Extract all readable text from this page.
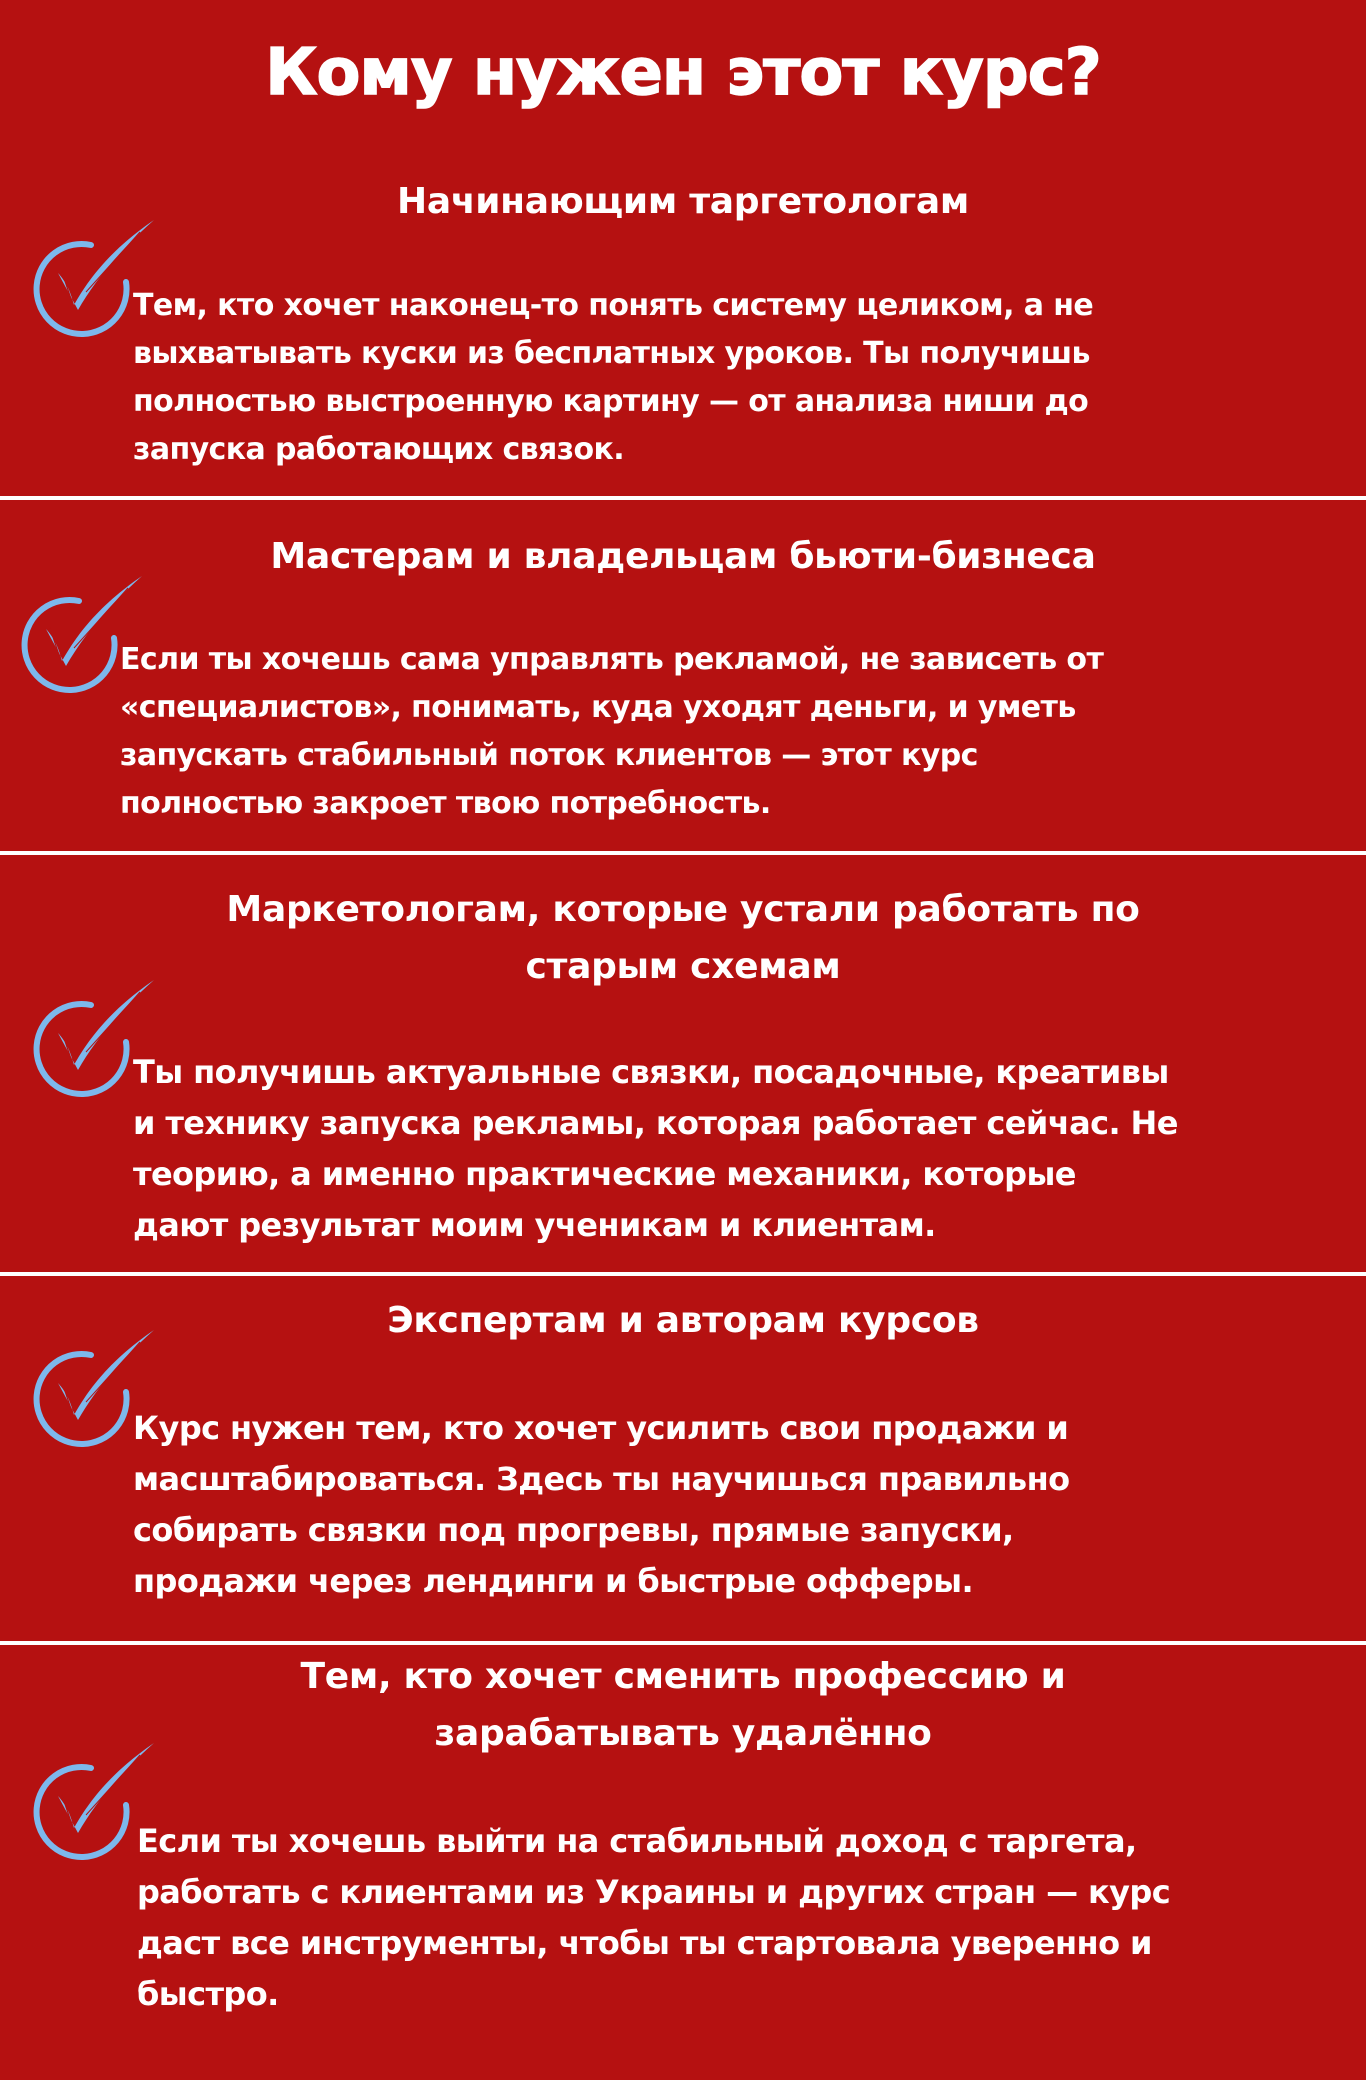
Кому нужен этот курс?
Начинающим таргетологам
Тем, кто хочет наконец-то понять систему целиком, а не
выхватывать куски из бесплатных уроков. Ты получишь
полностью выстроенную картину — от анализа ниши до
запуска работающих связок.
Мастерам и владельцам бьюти-бизнеса
Если ты хочешь сама управлять рекламой, не зависеть от
«специалистов», понимать, куда уходят деньги, и уметь
запускать стабильный поток клиентов — этот курс
полностью закроет твою потребность.
Маркетологам, которые устали работать по
старым схемам
Ты получишь актуальные связки, посадочные, креативы
и технику запуска рекламы, которая работает сейчас. Не
теорию, а именно практические механики, которые
дают результат моим ученикам и клиентам.
Экспертам и авторам курсов
Курс нужен тем, кто хочет усилить свои продажи и
масштабироваться. Здесь ты научишься правильно
собирать связки под прогревы, прямые запуски,
продажи через лендинги и быстрые офферы.
Тем, кто хочет сменить профессию и
зарабатывать удалённо
Если ты хочешь выйти на стабильный доход с таргета,
работать с клиентами из Украины и других стран — курс
даст все инструменты, чтобы ты стартовала уверенно и
быстро.
